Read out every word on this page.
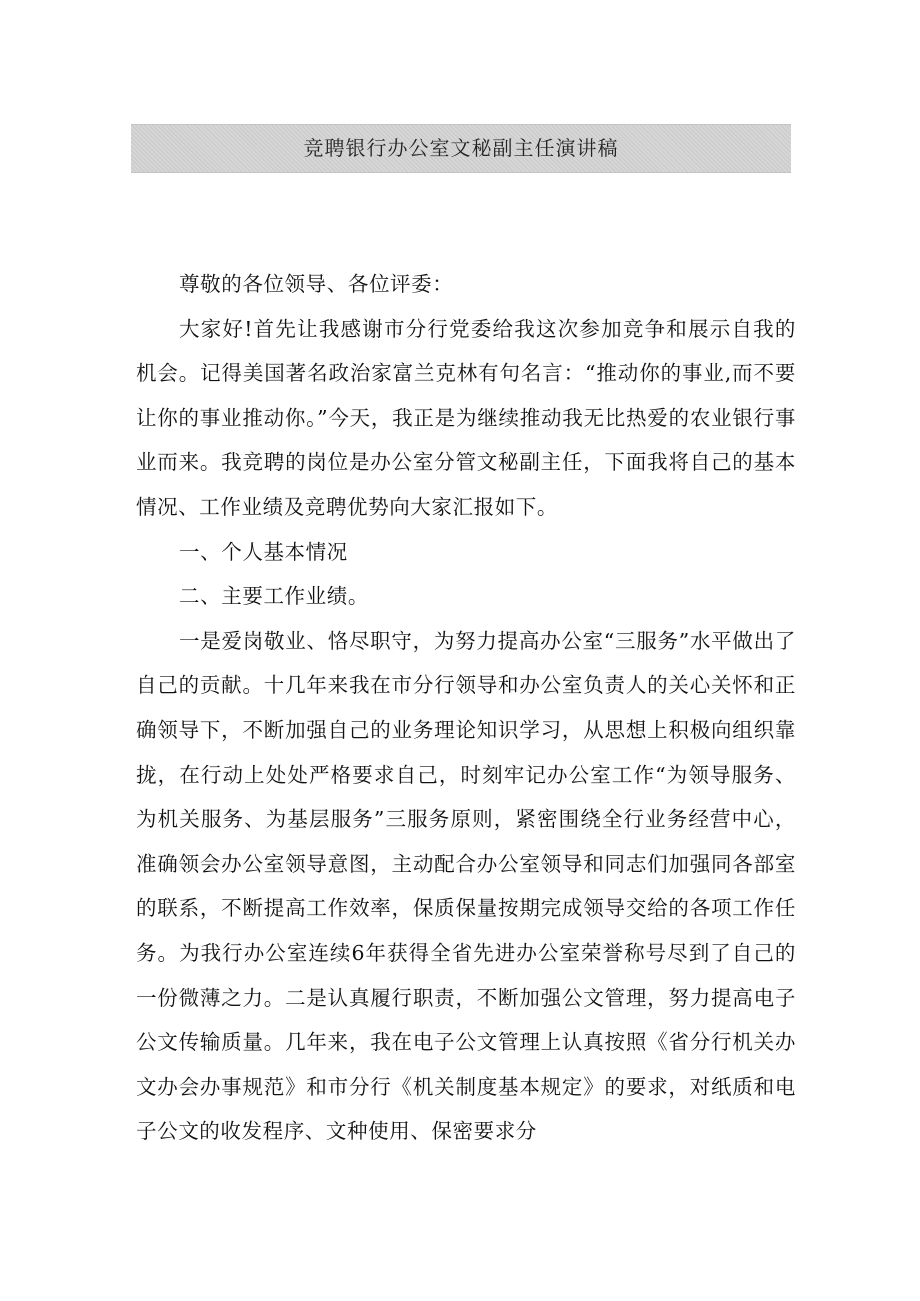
竞聘银行办公室文秘副主任演讲稿

尊敬的各位领导、各位评委：

大家好!首先让我感谢市分行党委给我这次参加竞争和展示自我的机会。记得美国著名政治家富兰克林有句名言：“推动你的事业,而不要让你的事业推动你。”今天，我正是为继续推动我无比热爱的农业银行事业而来。我竞聘的岗位是办公室分管文秘副主任，下面我将自己的基本情况、工作业绩及竞聘优势向大家汇报如下。

一、个人基本情况

二、主要工作业绩。

一是爱岗敬业、恪尽职守，为努力提高办公室“三服务”水平做出了自己的贡献。十几年来我在市分行领导和办公室负责人的关心关怀和正确领导下，不断加强自己的业务理论知识学习，从思想上积极向组织靠拢，在行动上处处严格要求自己，时刻牢记办公室工作“为领导服务、为机关服务、为基层服务”三服务原则，紧密围绕全行业务经营中心，准确领会办公室领导意图，主动配合办公室领导和同志们加强同各部室的联系，不断提高工作效率，保质保量按期完成领导交给的各项工作任务。为我行办公室连续6年获得全省先进办公室荣誉称号尽到了自己的一份微薄之力。二是认真履行职责，不断加强公文管理，努力提高电子公文传输质量。几年来，我在电子公文管理上认真按照《省分行机关办文办会办事规范》和市分行《机关制度基本规定》的要求，对纸质和电子公文的收发程序、文种使用、保密要求分
